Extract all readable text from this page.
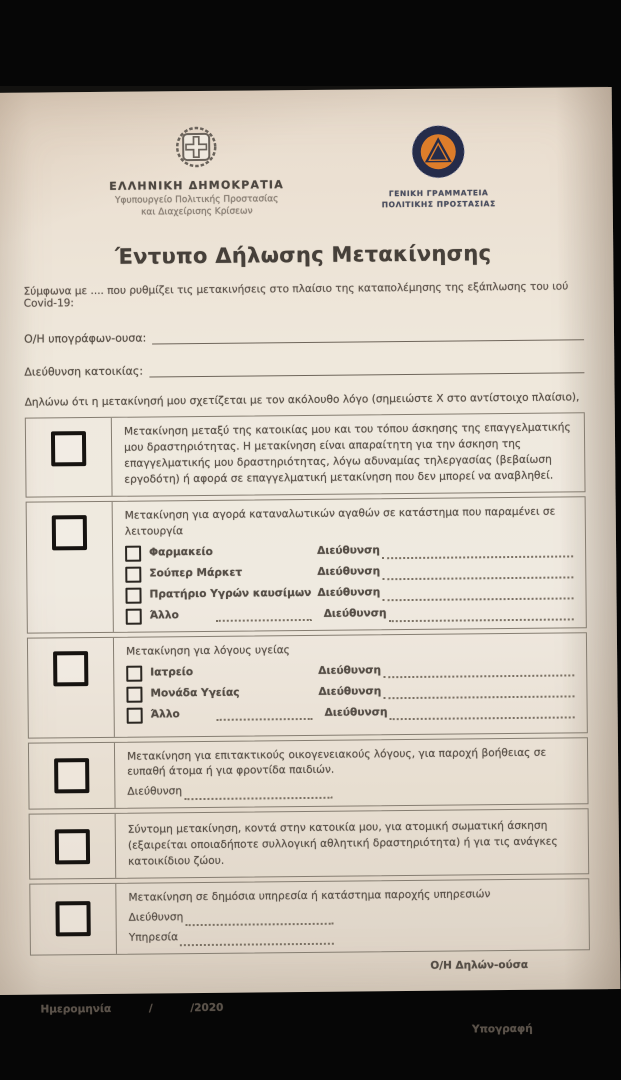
ΕΛΛΗΝΙΚΗ ΔΗΜΟΚΡΑΤΙΑ
Υφυπουργείο Πολιτικής Προστασίας
και Διαχείρισης Κρίσεων
ΓΕΝΙΚΗ ΓΡΑΜΜΑΤΕΙΑ
ΠΟΛΙΤΙΚΗΣ ΠΡΟΣΤΑΣΙΑΣ
Έντυπο Δήλωσης Μετακίνησης
Σύμφωνα με .... που ρυθμίζει τις μετακινήσεις στο πλαίσιο της καταπολέμησης της εξάπλωσης του ιού Covid-19:
Ο/Η υπογράφων-ουσα:
Διεύθυνση κατοικίας:
Δηλώνω ότι η μετακίνησή μου σχετίζεται με τον ακόλουθο λόγο (σημειώστε Χ στο αντίστοιχο πλαίσιο),
Μετακίνηση μεταξύ της κατοικίας μου και του τόπου άσκησης της επαγγελματικής μου δραστηριότητας. Η μετακίνηση είναι απαραίτητη για την άσκηση της επαγγελματικής μου δραστηριότητας, λόγω αδυναμίας τηλεργασίας (βεβαίωση εργοδότη) ή αφορά σε επαγγελματική μετακίνηση που δεν μπορεί να αναβληθεί.
Μετακίνηση για αγορά καταναλωτικών αγαθών σε κατάστημα που παραμένει σε λειτουργία
Φαρμακείο	Διεύθυνση
Σούπερ Μάρκετ	Διεύθυνση
Πρατήριο Υγρών καυσίμων Διεύθυνση
Άλλο	Διεύθυνση
Μετακίνηση για λόγους υγείας
Ιατρείο	Διεύθυνση
Μονάδα Υγείας	Διεύθυνση
Άλλο	Διεύθυνση
Μετακίνηση για επιτακτικούς οικογενειακούς λόγους, για παροχή βοήθειας σε ευπαθή άτομα ή για φροντίδα παιδιών.
Διεύθυνση
Σύντομη μετακίνηση, κοντά στην κατοικία μου, για ατομική σωματική άσκηση (εξαιρείται οποιαδήποτε συλλογική αθλητική δραστηριότητα) ή για τις ανάγκες κατοικίδιου ζώου.
Μετακίνηση σε δημόσια υπηρεσία ή κατάστημα παροχής υπηρεσιών
Διεύθυνση
Υπηρεσία
Ο/Η Δηλών-ούσα
Ημερομηνία	/	/2020
Υπογραφή
